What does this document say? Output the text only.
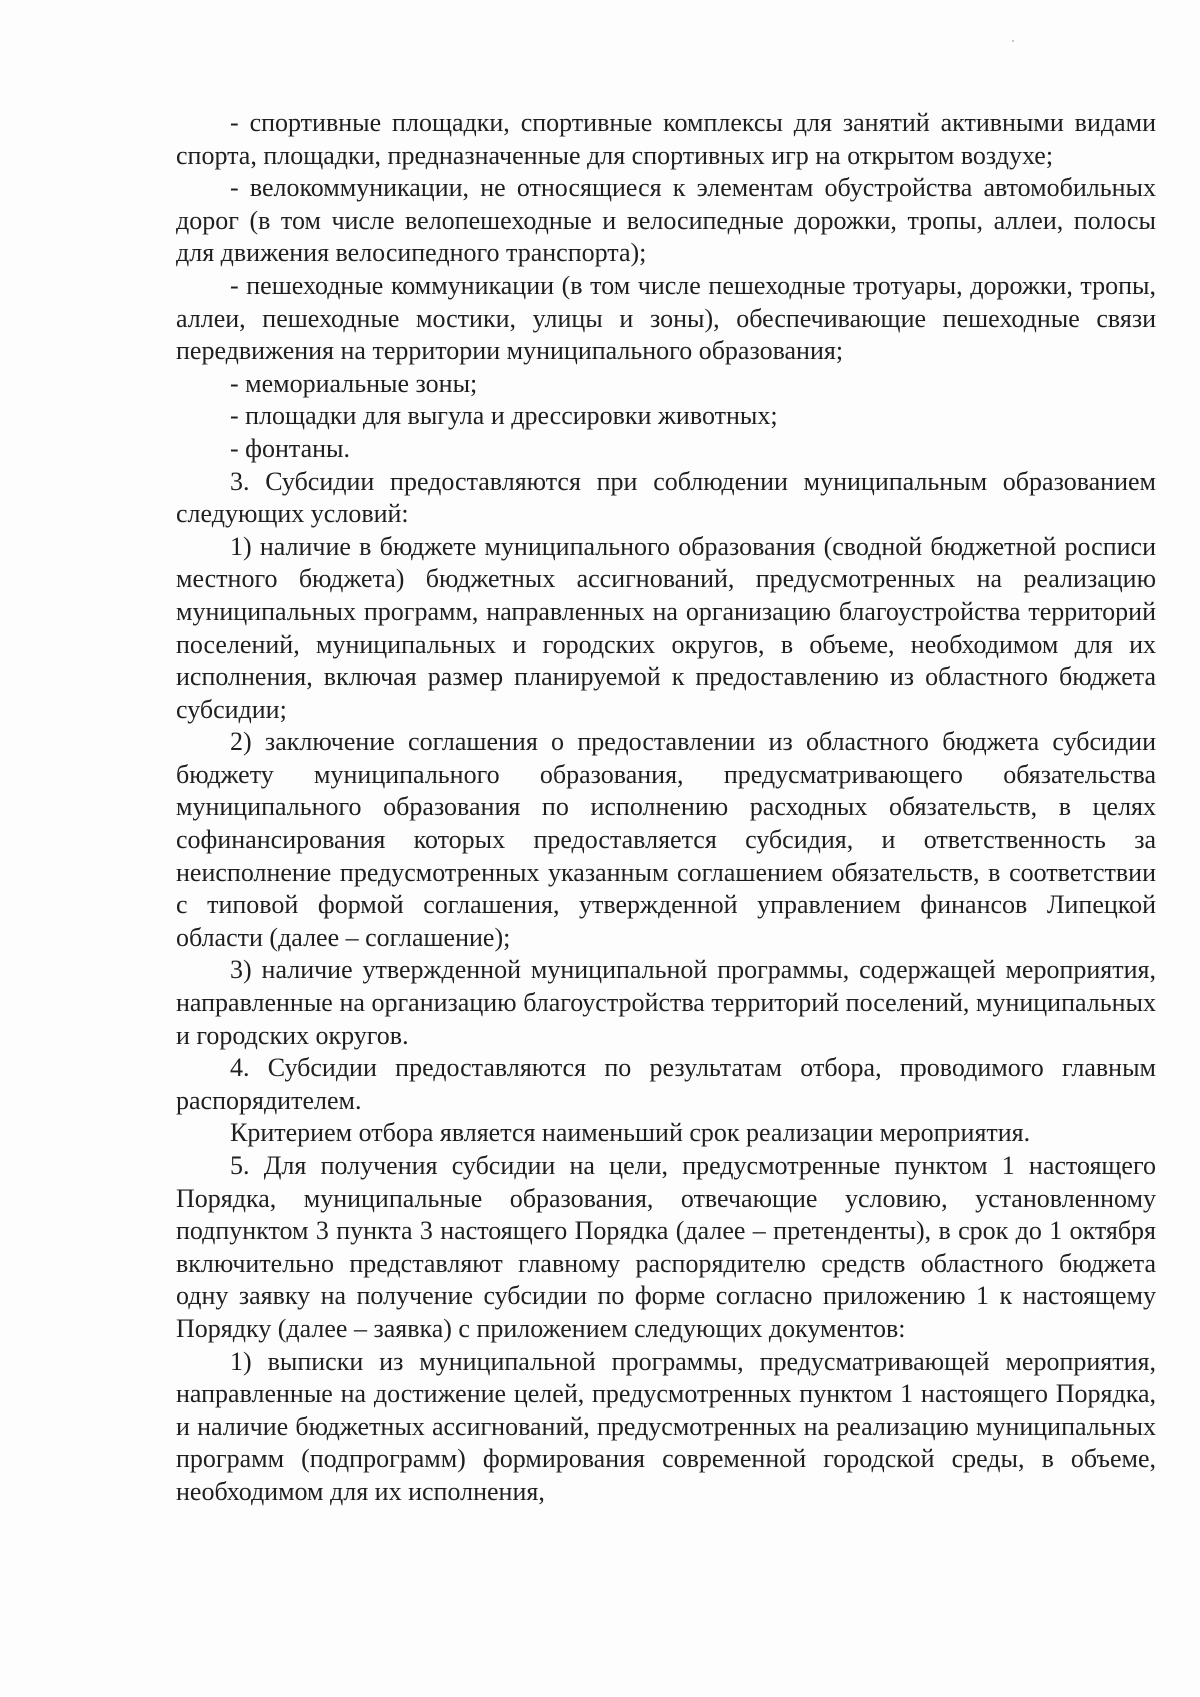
- спортивные площадки, спортивные комплексы для занятий активными видами спорта, площадки, предназначенные для спортивных игр на открытом воздухе;

- велокоммуникации, не относящиеся к элементам обустройства автомобильных дорог (в том числе велопешеходные и велосипедные дорожки, тропы, аллеи, полосы для движения велосипедного транспорта);

- пешеходные коммуникации (в том числе пешеходные тротуары, дорожки, тропы, аллеи, пешеходные мостики, улицы и зоны), обеспечивающие пешеходные связи передвижения на территории муниципального образования;

- мемориальные зоны;

- площадки для выгула и дрессировки животных;

- фонтаны.

3. Субсидии предоставляются при соблюдении муниципальным образованием следующих условий:

1) наличие в бюджете муниципального образования (сводной бюджетной росписи местного бюджета) бюджетных ассигнований, предусмотренных на реализацию муниципальных программ, направленных на организацию благоустройства территорий поселений, муниципальных и городских округов, в объеме, необходимом для их исполнения, включая размер планируемой к предоставлению из областного бюджета субсидии;

2) заключение соглашения о предоставлении из областного бюджета субсидии бюджету муниципального образования, предусматривающего обязательства муниципального образования по исполнению расходных обязательств, в целях софинансирования которых предоставляется субсидия, и ответственность за неисполнение предусмотренных указанным соглашением обязательств, в соответствии с типовой формой соглашения, утвержденной управлением финансов Липецкой области (далее – соглашение);

3) наличие утвержденной муниципальной программы, содержащей мероприятия, направленные на организацию благоустройства территорий поселений, муниципальных и городских округов.

4. Субсидии предоставляются по результатам отбора, проводимого главным распорядителем.

Критерием отбора является наименьший срок реализации мероприятия.

5. Для получения субсидии на цели, предусмотренные пунктом 1 настоящего Порядка, муниципальные образования, отвечающие условию, установленному подпунктом 3 пункта 3 настоящего Порядка (далее – претенденты), в срок до 1 октября включительно представляют главному распорядителю средств областного бюджета одну заявку на получение субсидии по форме согласно приложению 1 к настоящему Порядку (далее – заявка) с приложением следующих документов:

1) выписки из муниципальной программы, предусматривающей мероприятия, направленные на достижение целей, предусмотренных пунктом 1 настоящего Порядка, и наличие бюджетных ассигнований, предусмотренных на реализацию муниципальных программ (подпрограмм) формирования современной городской среды, в объеме, необходимом для их исполнения,
